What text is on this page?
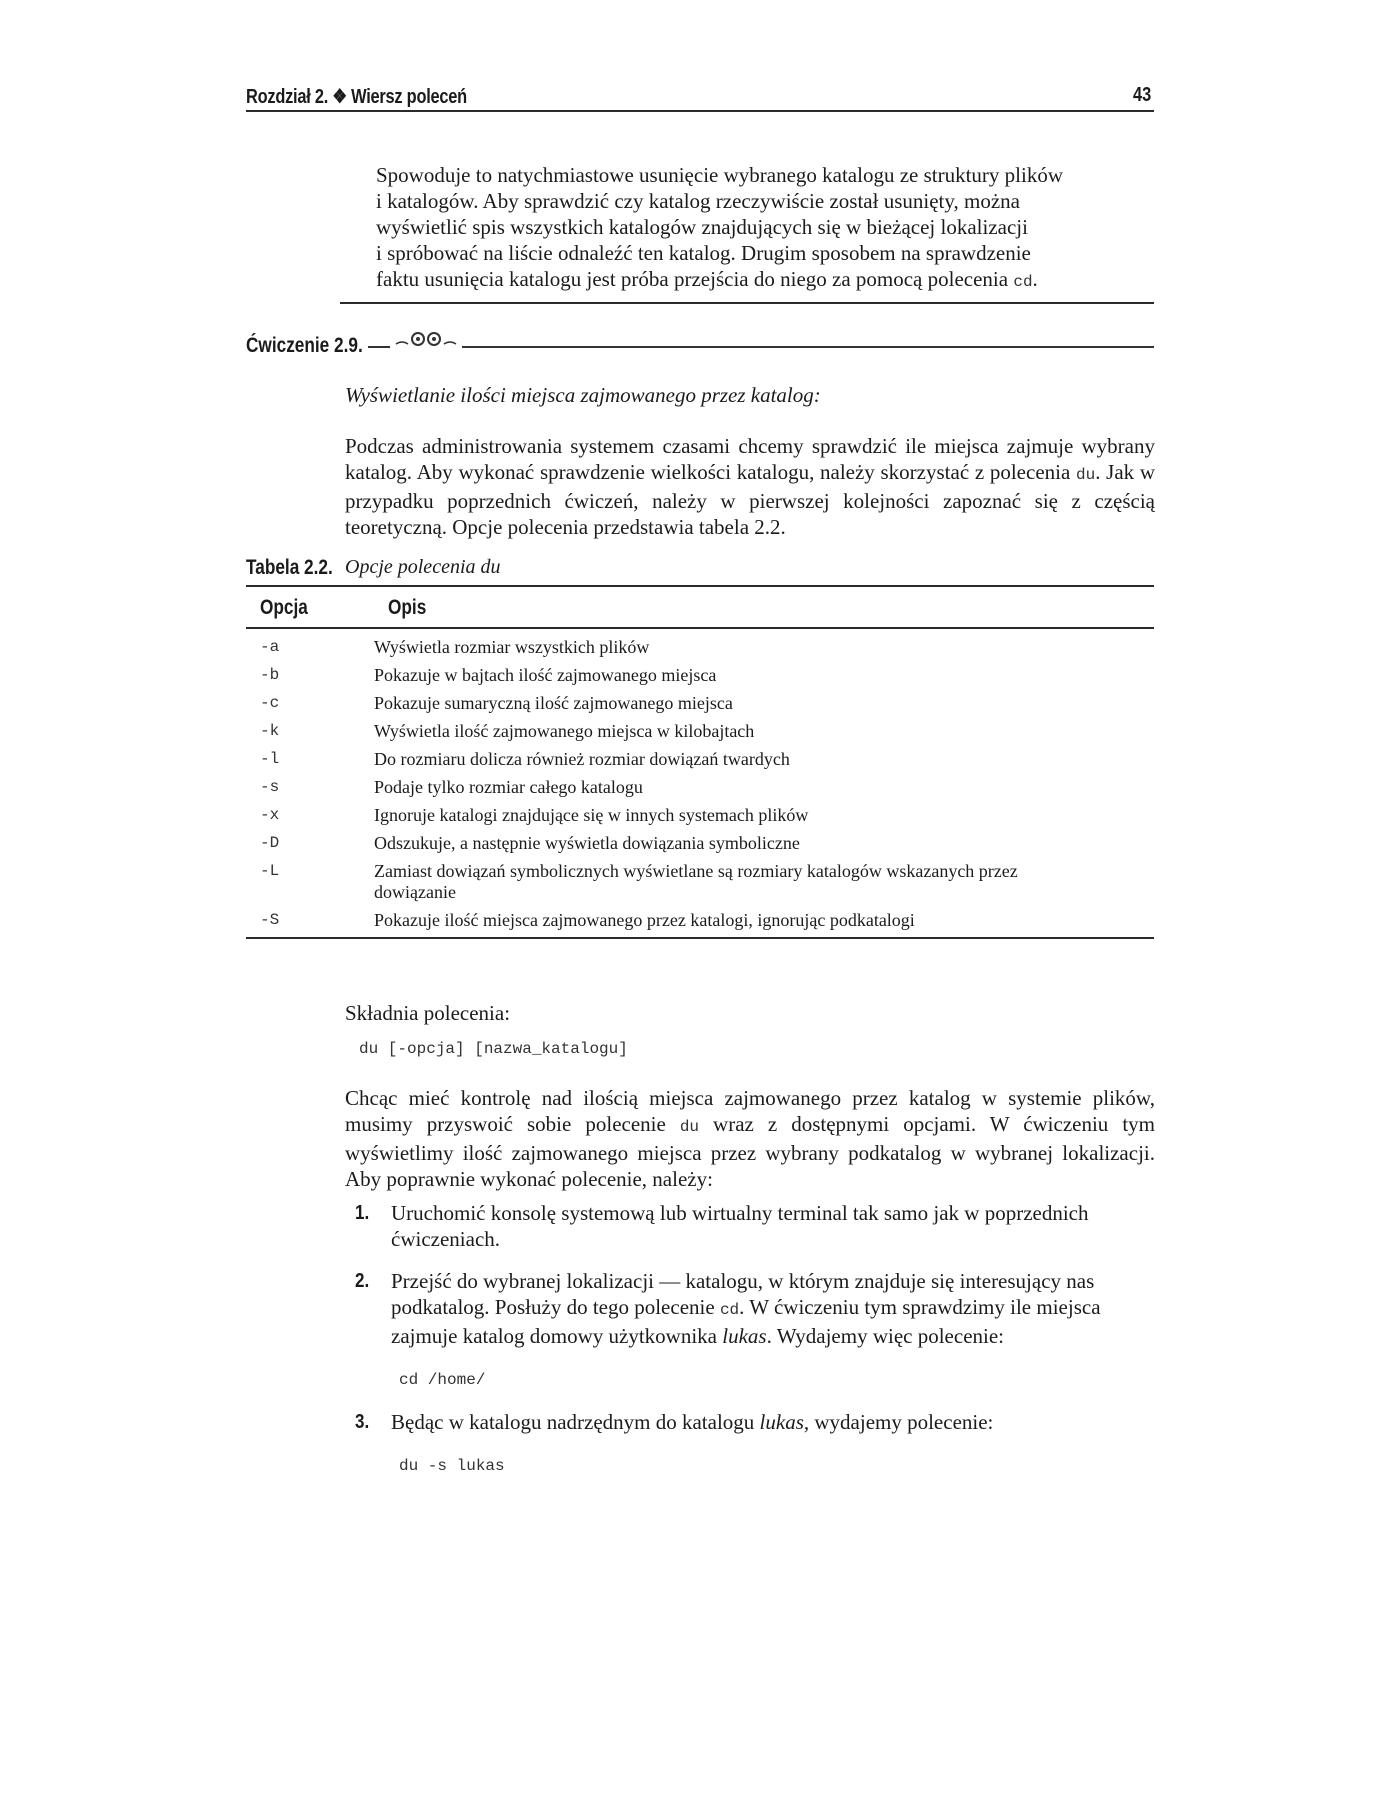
Rozdział 2. ❖ Wiersz poleceń	43
Spowoduje to natychmiastowe usunięcie wybranego katalogu ze struktury plików
i katalogów. Aby sprawdzić czy katalog rzeczywiście został usunięty, można
wyświetlić spis wszystkich katalogów znajdujących się w bieżącej lokalizacji
i spróbować na liście odnaleźć ten katalog. Drugim sposobem na sprawdzenie
faktu usunięcia katalogu jest próba przejścia do niego za pomocą polecenia cd.
Ćwiczenie 2.9.
Wyświetlanie ilości miejsca zajmowanego przez katalog:
Podczas administrowania systemem czasami chcemy sprawdzić ile miejsca zajmuje wybrany katalog. Aby wykonać sprawdzenie wielkości katalogu, należy skorzystać z polecenia du. Jak w przypadku poprzednich ćwiczeń, należy w pierwszej kolejności zapoznać się z częścią teoretyczną. Opcje polecenia przedstawia tabela 2.2.
Tabela 2.2. Opcje polecenia du
Opcja	Opis
-a	Wyświetla rozmiar wszystkich plików

-b	Pokazuje w bajtach ilość zajmowanego miejsca

-c	Pokazuje sumaryczną ilość zajmowanego miejsca

-k	Wyświetla ilość zajmowanego miejsca w kilobajtach

-l	Do rozmiaru dolicza również rozmiar dowiązań twardych

-s	Podaje tylko rozmiar całego katalogu

-x	Ignoruje katalogi znajdujące się w innych systemach plików

-D	Odszukuje, a następnie wyświetla dowiązania symboliczne

-L	Zamiast dowiązań symbolicznych wyświetlane są rozmiary katalogów wskazanych przez dowiązanie

-S	Pokazuje ilość miejsca zajmowanego przez katalogi, ignorując podkatalogi
Składnia polecenia:
du [-opcja] [nazwa_katalogu]
Chcąc mieć kontrolę nad ilością miejsca zajmowanego przez katalog w systemie plików, musimy przyswoić sobie polecenie du wraz z dostępnymi opcjami. W ćwiczeniu tym wyświetlimy ilość zajmowanego miejsca przez wybrany podkatalog w wybranej lokalizacji. Aby poprawnie wykonać polecenie, należy:
1. Uruchomić konsolę systemową lub wirtualny terminal tak samo jak w poprzednich ćwiczeniach.
2. Przejść do wybranej lokalizacji — katalogu, w którym znajduje się interesujący nas podkatalog. Posłuży do tego polecenie cd. W ćwiczeniu tym sprawdzimy ile miejsca zajmuje katalog domowy użytkownika lukas. Wydajemy więc polecenie:
cd /home/
3. Będąc w katalogu nadrzędnym do katalogu lukas, wydajemy polecenie:
du -s lukas
